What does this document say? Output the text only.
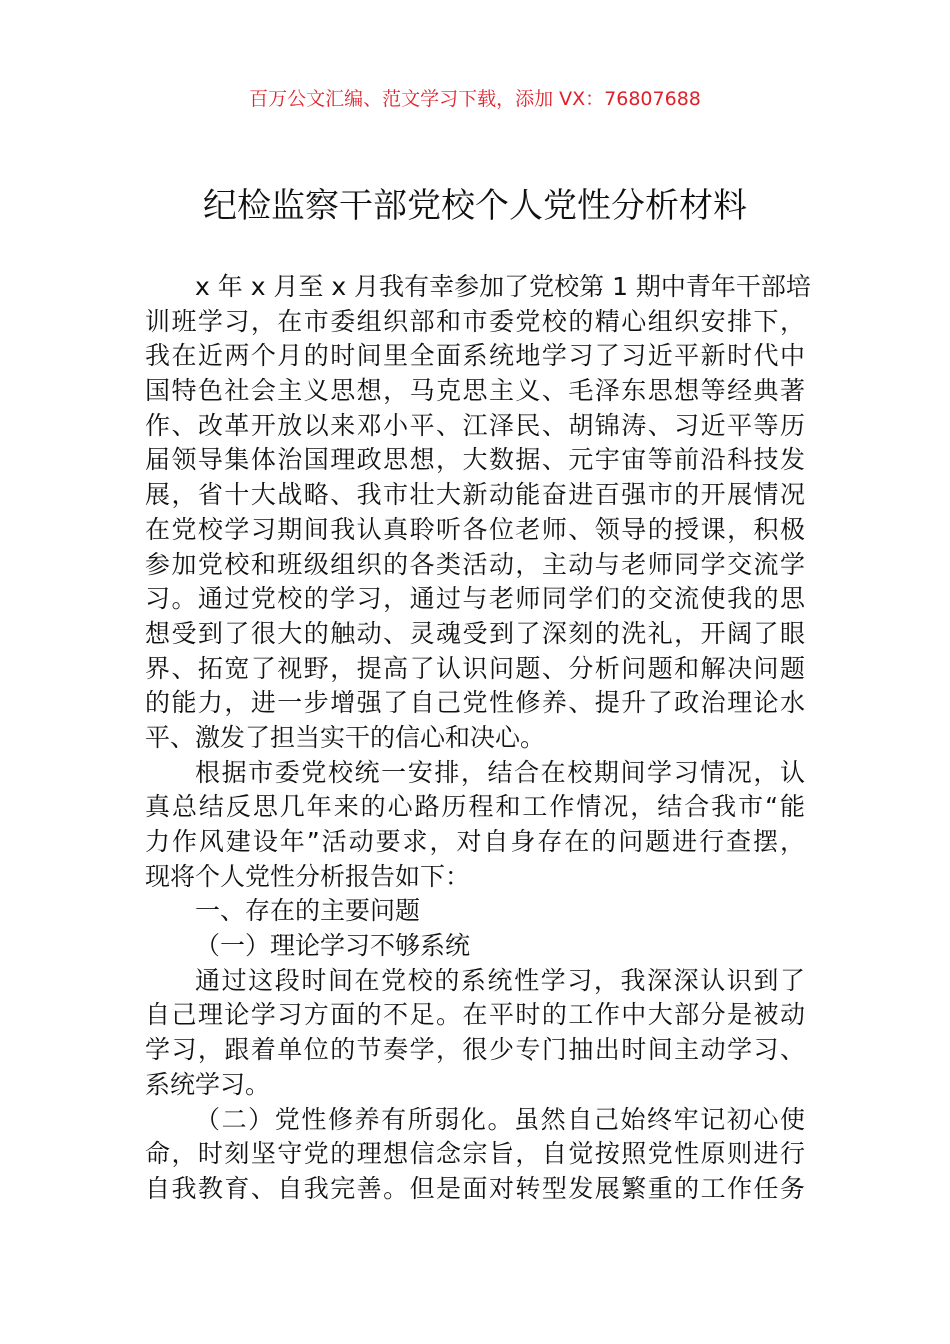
百万公文汇编、范文学习下载，添加 VX：76807688
纪检监察干部党校个人党性分析材料
x 年 x 月至 x 月我有幸参加了党校第 1 期中青年干部培
训班学习，在市委组织部和市委党校的精心组织安排下，
我在近两个月的时间里全面系统地学习了习近平新时代中
国特色社会主义思想，马克思主义、毛泽东思想等经典著
作、改革开放以来邓小平、江泽民、胡锦涛、习近平等历
届领导集体治国理政思想，大数据、元宇宙等前沿科技发
展，省十大战略、我市壮大新动能奋进百强市的开展情况
在党校学习期间我认真聆听各位老师、领导的授课，积极
参加党校和班级组织的各类活动，主动与老师同学交流学
习。通过党校的学习，通过与老师同学们的交流使我的思
想受到了很大的触动、灵魂受到了深刻的洗礼，开阔了眼
界、拓宽了视野，提高了认识问题、分析问题和解决问题
的能力，进一步增强了自己党性修养、提升了政治理论水
平、激发了担当实干的信心和决心。
根据市委党校统一安排，结合在校期间学习情况，认
真总结反思几年来的心路历程和工作情况，结合我市“能
力作风建设年”活动要求，对自身存在的问题进行查摆，
现将个人党性分析报告如下：
一、存在的主要问题
（一）理论学习不够系统
通过这段时间在党校的系统性学习，我深深认识到了
自己理论学习方面的不足。在平时的工作中大部分是被动
学习，跟着单位的节奏学，很少专门抽出时间主动学习、
系统学习。
（二）党性修养有所弱化。虽然自己始终牢记初心使
命，时刻坚守党的理想信念宗旨，自觉按照党性原则进行
自我教育、自我完善。但是面对转型发展繁重的工作任务
